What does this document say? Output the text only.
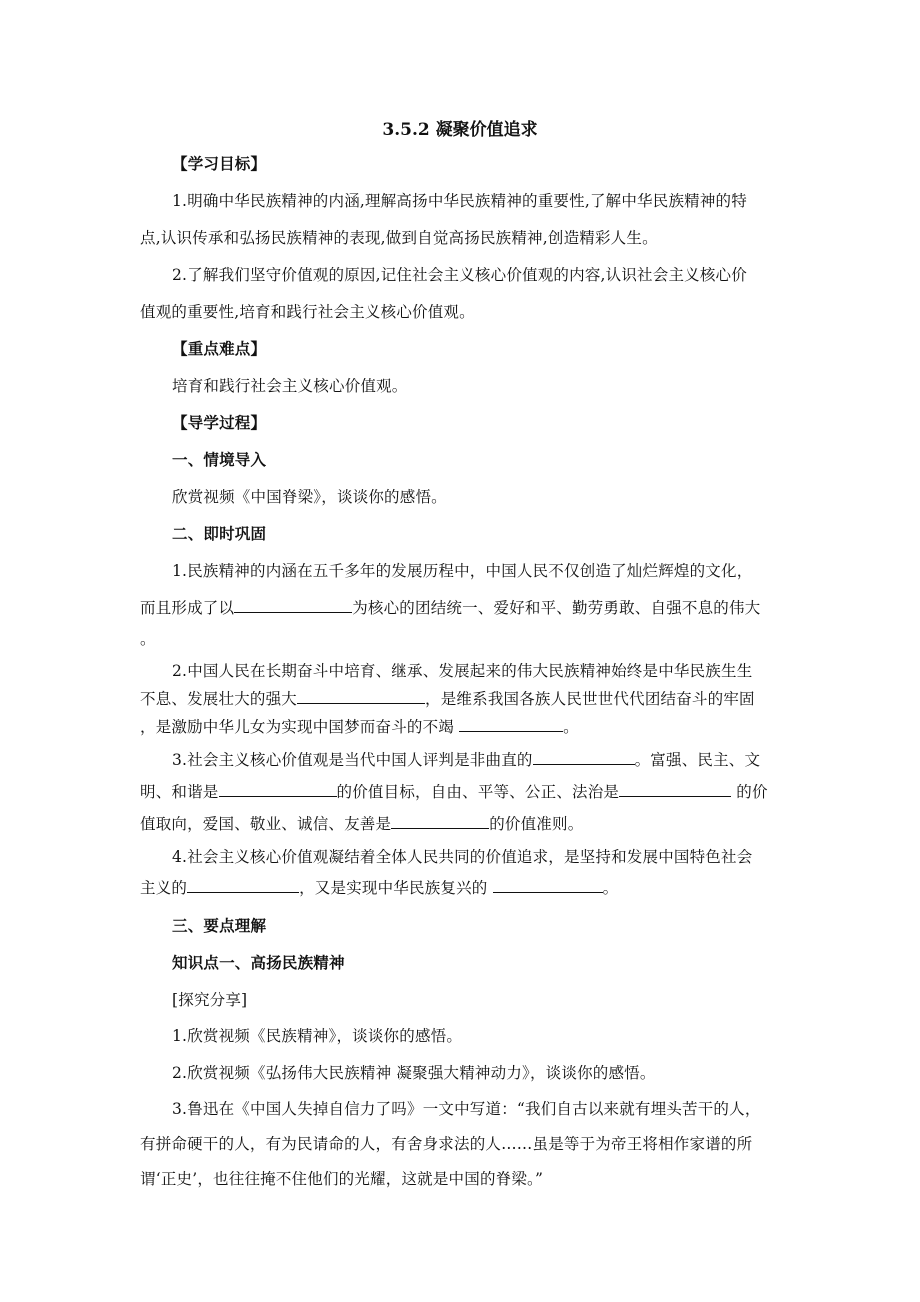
3.5.2 凝聚价值追求
【学习目标】
1.明确中华民族精神的内涵,理解高扬中华民族精神的重要性,了解中华民族精神的特
点,认识传承和弘扬民族精神的表现,做到自觉高扬民族精神,创造精彩人生。
2.了解我们坚守价值观的原因,记住社会主义核心价值观的内容,认识社会主义核心价
值观的重要性,培育和践行社会主义核心价值观。
【重点难点】
培育和践行社会主义核心价值观。
【导学过程】
一、情境导入
欣赏视频《中国脊梁》，谈谈你的感悟。
二、即时巩固
1.民族精神的内涵在五千多年的发展历程中，中国人民不仅创造了灿烂辉煌的文化，
而且形成了以	为核心的团结统一、爱好和平、勤劳勇敢、自强不息的伟大
。
2.中国人民在长期奋斗中培育、继承、发展起来的伟大民族精神始终是中华民族生生
不息、发展壮大的强大	，是维系我国各族人民世世代代团结奋斗的牢固
，是激励中华儿女为实现中国梦而奋斗的不竭	。
3.社会主义核心价值观是当代中国人评判是非曲直的	。富强、民主、文
明、和谐是	的价值目标，自由、平等、公正、法治是	的价
值取向，爱国、敬业、诚信、友善是	的价值准则。
4.社会主义核心价值观凝结着全体人民共同的价值追求，是坚持和发展中国特色社会
主义的	，又是实现中华民族复兴的	。
三、要点理解
知识点一、高扬民族精神
[探究分享]
1.欣赏视频《民族精神》，谈谈你的感悟。
2.欣赏视频《弘扬伟大民族精神 凝聚强大精神动力》，谈谈你的感悟。
3.鲁迅在《中国人失掉自信力了吗》一文中写道：“我们自古以来就有埋头苦干的人，
有拼命硬干的人，有为民请命的人，有舍身求法的人……虽是等于为帝王将相作家谱的所
谓‘正史’，也往往掩不住他们的光耀，这就是中国的脊梁。”
